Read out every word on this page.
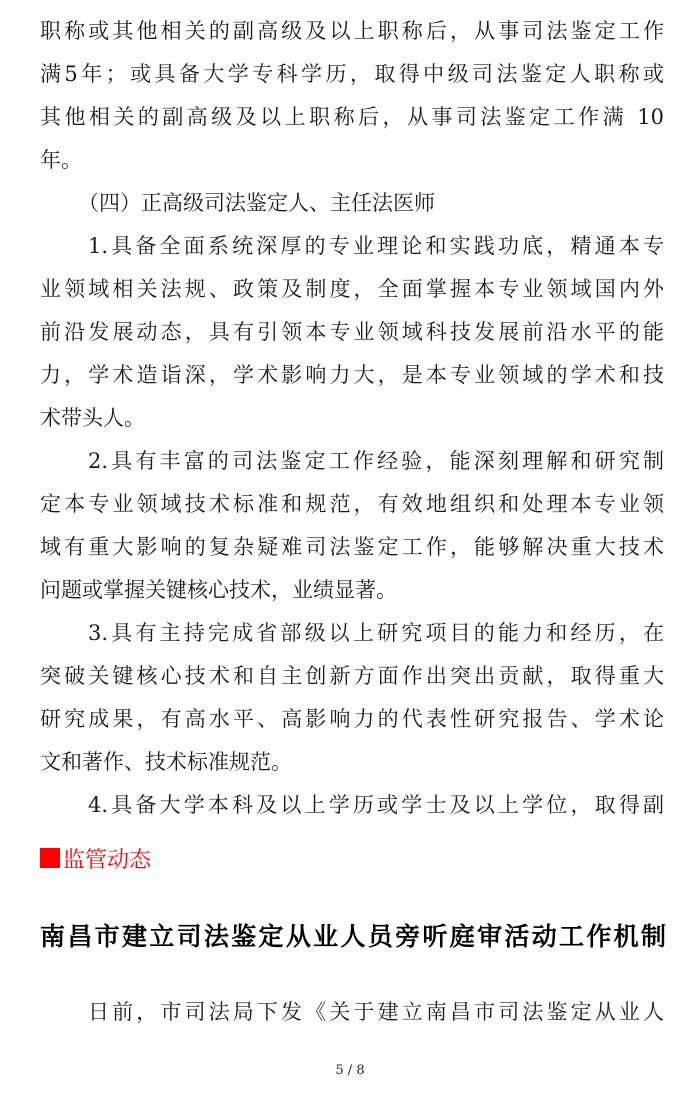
职称或其他相关的副高级及以上职称后，从事司法鉴定工作
满5年；或具备大学专科学历，取得中级司法鉴定人职称或
其他相关的副高级及以上职称后，从事司法鉴定工作满 10
年。
（四）正高级司法鉴定人、主任法医师
1.具备全面系统深厚的专业理论和实践功底，精通本专
业领域相关法规、政策及制度，全面掌握本专业领域国内外
前沿发展动态，具有引领本专业领域科技发展前沿水平的能
力，学术造诣深，学术影响力大，是本专业领域的学术和技
术带头人。
2.具有丰富的司法鉴定工作经验，能深刻理解和研究制
定本专业领域技术标准和规范，有效地组织和处理本专业领
域有重大影响的复杂疑难司法鉴定工作，能够解决重大技术
问题或掌握关键核心技术，业绩显著。
3.具有主持完成省部级以上研究项目的能力和经历，在
突破关键核心技术和自主创新方面作出突出贡献，取得重大
研究成果，有高水平、高影响力的代表性研究报告、学术论
文和著作、技术标准规范。
4.具备大学本科及以上学历或学士及以上学位，取得副
监管动态
南昌市建立司法鉴定从业人员旁听庭审活动工作机制
日前，市司法局下发《关于建立南昌市司法鉴定从业人
5 / 8
